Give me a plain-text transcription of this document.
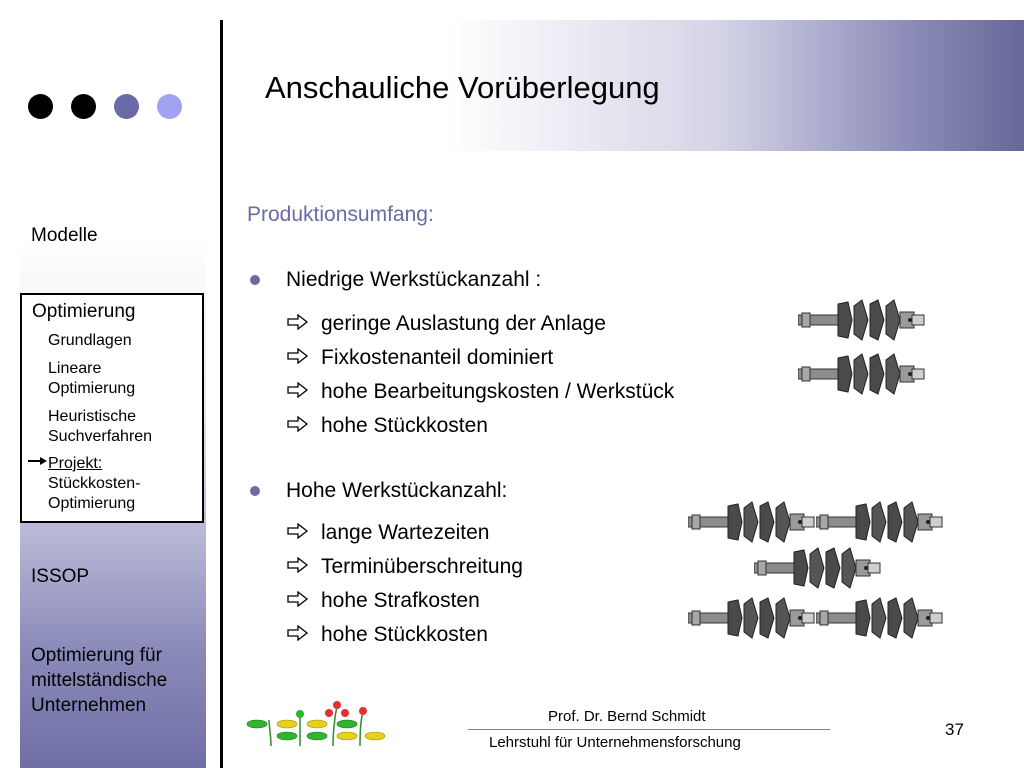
Anschauliche Vorüberlegung
Modelle
Optimierung
Grundlagen
Lineare
Optimierung
Heuristische
Suchverfahren
Projekt:
Stückkosten-
Optimierung
ISSOP
Optimierung für
mittelständische
Unternehmen
Produktionsumfang:
Niedrige Werkstückanzahl :
geringe Auslastung der Anlage
Fixkostenanteil dominiert
hohe Bearbeitungskosten / Werkstück
hohe Stückkosten
Hohe Werkstückanzahl:
lange Wartezeiten
Terminüberschreitung
hohe Strafkosten
hohe Stückkosten
Prof. Dr. Bernd Schmidt
Lehrstuhl für Unternehmensforschung
37
